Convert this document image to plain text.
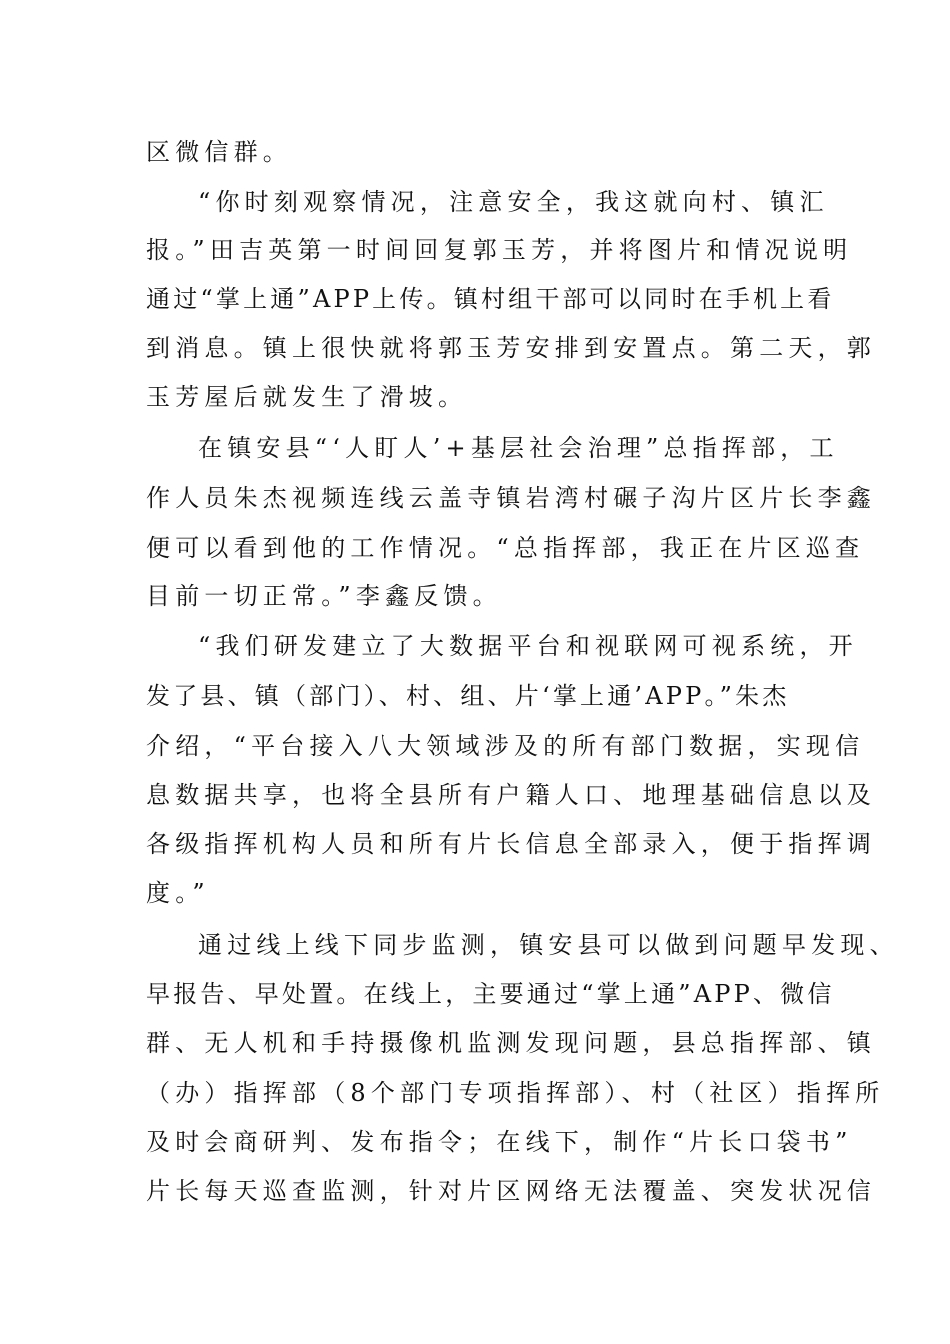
区微信群。
“你时刻观察情况，注意安全，我这就向村、镇汇
报。”田吉英第一时间回复郭玉芳，并将图片和情况说明
通过“掌上通”APP上传。镇村组干部可以同时在手机上看
到消息。镇上很快就将郭玉芳安排到安置点。第二天，郭
玉芳屋后就发生了滑坡。
在镇安县“‘人盯人’+基层社会治理”总指挥部，工
作人员朱杰视频连线云盖寺镇岩湾村碾子沟片区片长李鑫
便可以看到他的工作情况。“总指挥部，我正在片区巡查
目前一切正常。”李鑫反馈。
“我们研发建立了大数据平台和视联网可视系统，开
发了县、镇（部门）、村、组、片‘掌上通’APP。”朱杰
介绍，“平台接入八大领域涉及的所有部门数据，实现信
息数据共享，也将全县所有户籍人口、地理基础信息以及
各级指挥机构人员和所有片长信息全部录入，便于指挥调
度。”
通过线上线下同步监测，镇安县可以做到问题早发现、
早报告、早处置。在线上，主要通过“掌上通”APP、微信
群、无人机和手持摄像机监测发现问题，县总指挥部、镇
（办）指挥部（8个部门专项指挥部）、村（社区）指挥所
及时会商研判、发布指令；在线下，制作“片长口袋书”
片长每天巡查监测，针对片区网络无法覆盖、突发状况信
